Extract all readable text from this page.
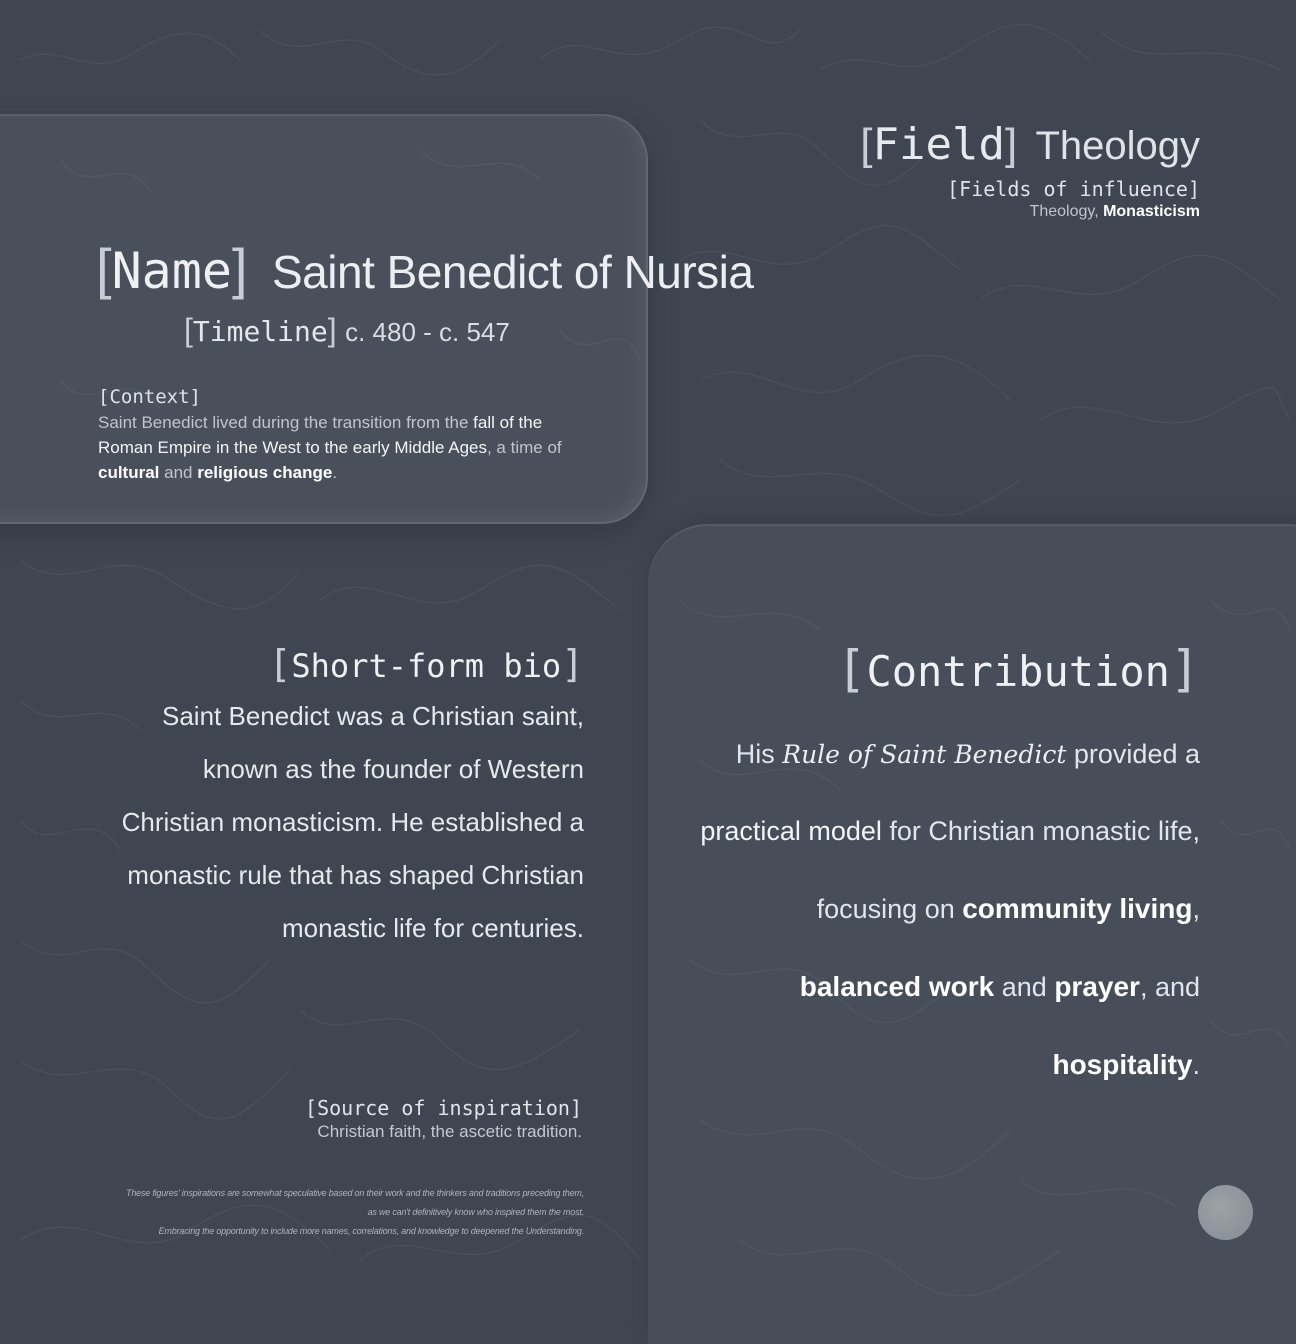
[Field] Theology
[Fields of influence]
Theology, Monasticism
[Name] Saint Benedict of Nursia
[Timeline] c. 480 - c. 547
[Context]
Saint Benedict lived during the transition from the fall of the Roman Empire in the West to the early Middle Ages, a time of cultural and religious change.
[Short-form bio]
Saint Benedict was a Christian saint, known as the founder of Western Christian monasticism. He established a monastic rule that has shaped Christian monastic life for centuries.
[Source of inspiration]
Christian faith, the ascetic tradition.
These figures' inspirations are somewhat speculative based on their work and the thinkers and traditions preceding them, as we can't definitively know who inspired them the most.
Embracing the opportunity to include more names, correlations, and knowledge to deepened the Understanding.
[Contribution]
His Rule of Saint Benedict provided a practical model for Christian monastic life, focusing on community living, balanced work and prayer, and hospitality.
